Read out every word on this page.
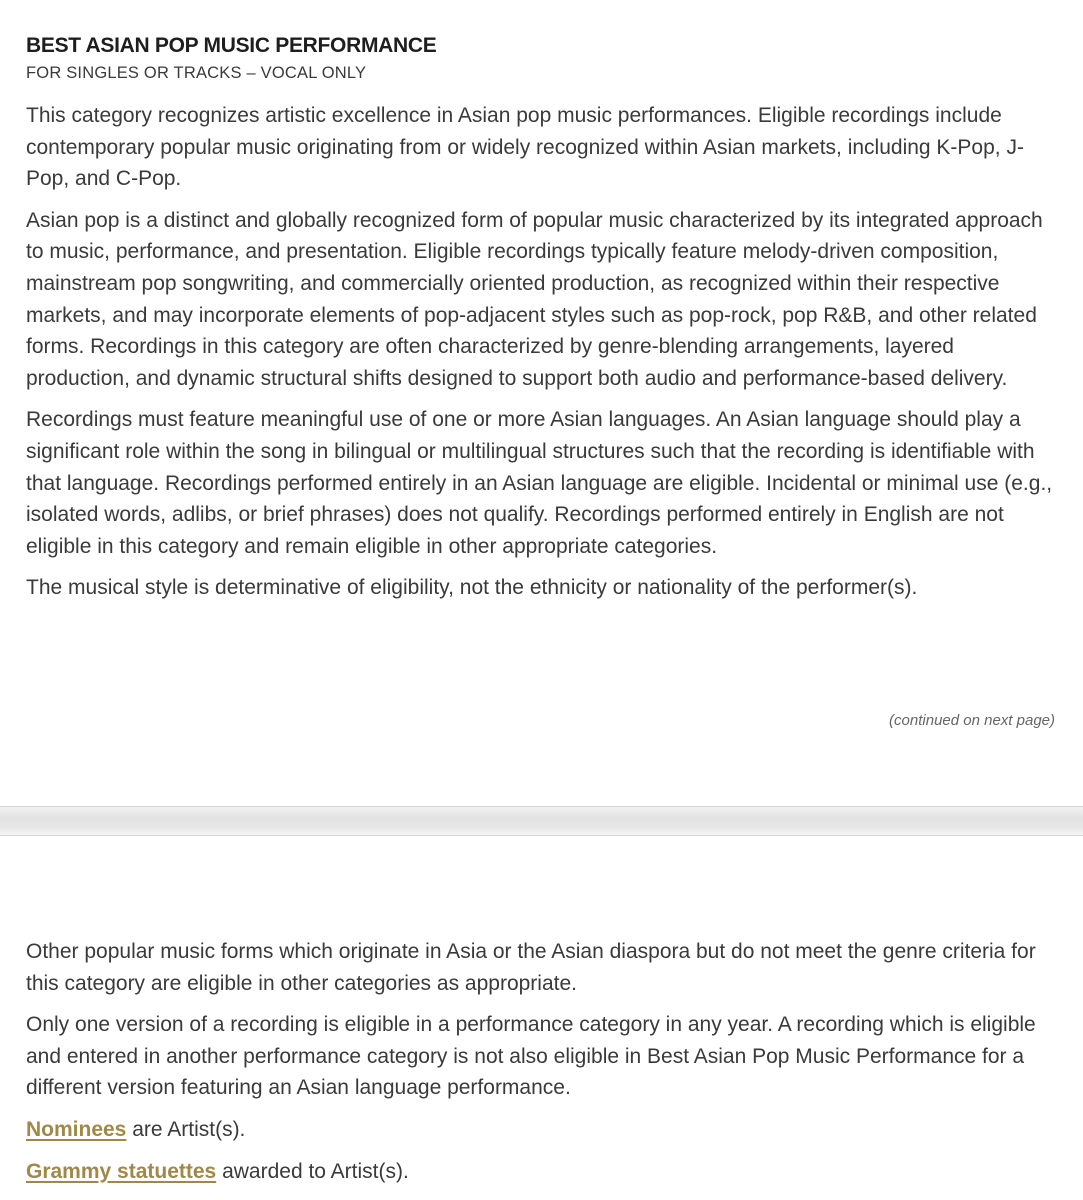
BEST ASIAN POP MUSIC PERFORMANCE
FOR SINGLES OR TRACKS – VOCAL ONLY

This category recognizes artistic excellence in Asian pop music performances. Eligible recordings include contemporary popular music originating from or widely recognized within Asian markets, including K-Pop, J-Pop, and C-Pop.

Asian pop is a distinct and globally recognized form of popular music characterized by its integrated approach to music, performance, and presentation. Eligible recordings typically feature melody-driven composition, mainstream pop songwriting, and commercially oriented production, as recognized within their respective markets, and may incorporate elements of pop-adjacent styles such as pop-rock, pop R&B, and other related forms. Recordings in this category are often characterized by genre-blending arrangements, layered production, and dynamic structural shifts designed to support both audio and performance-based delivery.

Recordings must feature meaningful use of one or more Asian languages. An Asian language should play a significant role within the song in bilingual or multilingual structures such that the recording is identifiable with that language. Recordings performed entirely in an Asian language are eligible. Incidental or minimal use (e.g., isolated words, adlibs, or brief phrases) does not qualify. Recordings performed entirely in English are not eligible in this category and remain eligible in other appropriate categories.

The musical style is determinative of eligibility, not the ethnicity or nationality of the performer(s).

(continued on next page)

Other popular music forms which originate in Asia or the Asian diaspora but do not meet the genre criteria for this category are eligible in other categories as appropriate.

Only one version of a recording is eligible in a performance category in any year. A recording which is eligible and entered in another performance category is not also eligible in Best Asian Pop Music Performance for a different version featuring an Asian language performance.

Nominees are Artist(s).

Grammy statuettes awarded to Artist(s).
